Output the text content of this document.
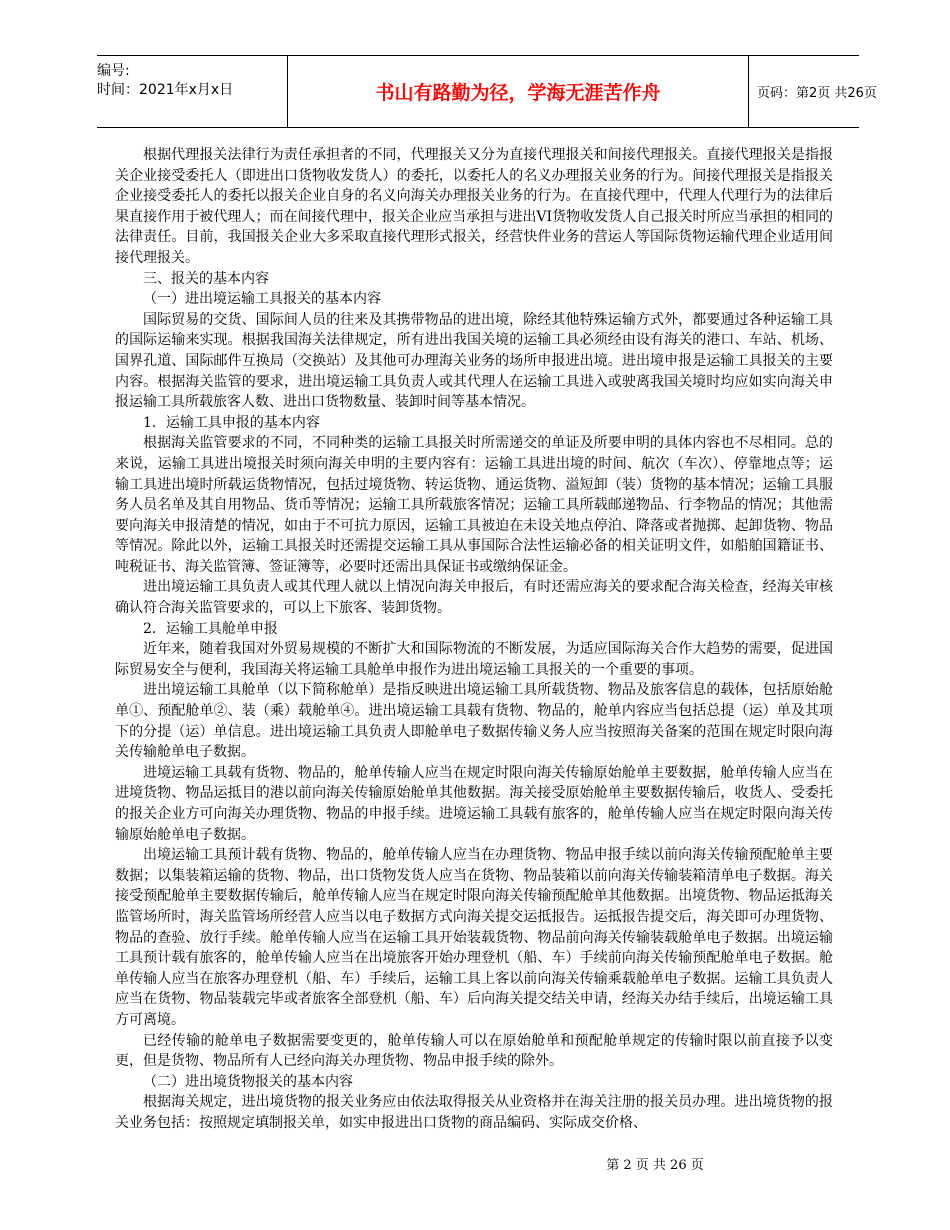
编号:
时间：2021年x月x日	书山有路勤为径，学海无涯苦作舟	页码：第2页 共26页

根据代理报关法律行为责任承担者的不同，代理报关又分为直接代理报关和间接代理报关。直接代理报关是指报关企业接受委托人（即进出口货物收发货人）的委托，以委托人的名义办理报关业务的行为。间接代理报关是指报关企业接受委托人的委托以报关企业自身的名义向海关办理报关业务的行为。在直接代理中，代理人代理行为的法律后果直接作用于被代理人；而在间接代理中，报关企业应当承担与进出VI货物收发货人自己报关时所应当承担的相同的法律责任。目前，我国报关企业大多采取直接代理形式报关，经营快件业务的营运人等国际货物运输代理企业适用间接代理报关。

三、报关的基本内容

（一）进出境运输工具报关的基本内容

国际贸易的交货、国际间人员的往来及其携带物品的进出境，除经其他特殊运输方式外，都要通过各种运输工具的国际运输来实现。根据我国海关法律规定，所有进出我国关境的运输工具必须经由设有海关的港口、车站、机场、国界孔道、国际邮件互换局（交换站）及其他可办理海关业务的场所申报进出境。进出境申报是运输工具报关的主要内容。根据海关监管的要求，进出境运输工具负责人或其代理人在运输工具进入或驶离我国关境时均应如实向海关申报运输工具所载旅客人数、进出口货物数量、装卸时间等基本情况。

1．运输工具申报的基本内容

根据海关监管要求的不同，不同种类的运输工具报关时所需递交的单证及所要申明的具体内容也不尽相同。总的来说，运输工具进出境报关时须向海关申明的主要内容有：运输工具进出境的时间、航次（车次）、停靠地点等；运输工具进出境时所载运货物情况，包括过境货物、转运货物、通运货物、溢短卸（装）货物的基本情况；运输工具服务人员名单及其自用物品、货币等情况；运输工具所载旅客情况；运输工具所载邮递物品、行李物品的情况；其他需要向海关申报清楚的情况，如由于不可抗力原因，运输工具被迫在未设关地点停泊、降落或者抛掷、起卸货物、物品等情况。除此以外，运输工具报关时还需提交运输工具从事国际合法性运输必备的相关证明文件，如船舶国籍证书、吨税证书、海关监管簿、签证簿等，必要时还需出具保证书或缴纳保证金。

进出境运输工具负责人或其代理人就以上情况向海关申报后，有时还需应海关的要求配合海关检查，经海关审核确认符合海关监管要求的，可以上下旅客、装卸货物。

2．运输工具舱单申报

近年来，随着我国对外贸易规模的不断扩大和国际物流的不断发展，为适应国际海关合作大趋势的需要，促进国际贸易安全与便利，我国海关将运输工具舱单申报作为进出境运输工具报关的一个重要的事项。

进出境运输工具舱单（以下简称舱单）是指反映进出境运输工具所载货物、物品及旅客信息的载体，包括原始舱单①、预配舱单②、装（乘）载舱单④。进出境运输工具载有货物、物品的，舱单内容应当包括总提（运）单及其项下的分提（运）单信息。进出境运输工具负责人即舱单电子数据传输义务人应当按照海关备案的范围在规定时限向海关传输舱单电子数据。

进境运输工具载有货物、物品的，舱单传输人应当在规定时限向海关传输原始舱单主要数据，舱单传输人应当在进境货物、物品运抵目的港以前向海关传输原始舱单其他数据。海关接受原始舱单主要数据传输后，收货人、受委托的报关企业方可向海关办理货物、物品的申报手续。进境运输工具载有旅客的，舱单传输人应当在规定时限向海关传输原始舱单电子数据。

出境运输工具预计载有货物、物品的，舱单传输人应当在办理货物、物品申报手续以前向海关传输预配舱单主要数据；以集装箱运输的货物、物品，出口货物发货人应当在货物、物品装箱以前向海关传输装箱清单电子数据。海关接受预配舱单主要数据传输后，舱单传输人应当在规定时限向海关传输预配舱单其他数据。出境货物、物品运抵海关监管场所时，海关监管场所经营人应当以电子数据方式向海关提交运抵报告。运抵报告提交后，海关即可办理货物、物品的查验、放行手续。舱单传输人应当在运输工具开始装载货物、物品前向海关传输装载舱单电子数据。出境运输工具预计载有旅客的，舱单传输人应当在出境旅客开始办理登机（船、车）手续前向海关传输预配舱单电子数据。舱单传输人应当在旅客办理登机（船、车）手续后，运输工具上客以前向海关传输乘载舱单电子数据。运输工具负责人应当在货物、物品装载完毕或者旅客全部登机（船、车）后向海关提交结关申请，经海关办结手续后，出境运输工具方可离境。

已经传输的舱单电子数据需要变更的，舱单传输人可以在原始舱单和预配舱单规定的传输时限以前直接予以变更，但是货物、物品所有人已经向海关办理货物、物品申报手续的除外。

（二）进出境货物报关的基本内容

根据海关规定，进出境货物的报关业务应由依法取得报关从业资格并在海关注册的报关员办理。进出境货物的报关业务包括：按照规定填制报关单，如实申报进出口货物的商品编码、实际成交价格、

第 2 页 共 26 页
